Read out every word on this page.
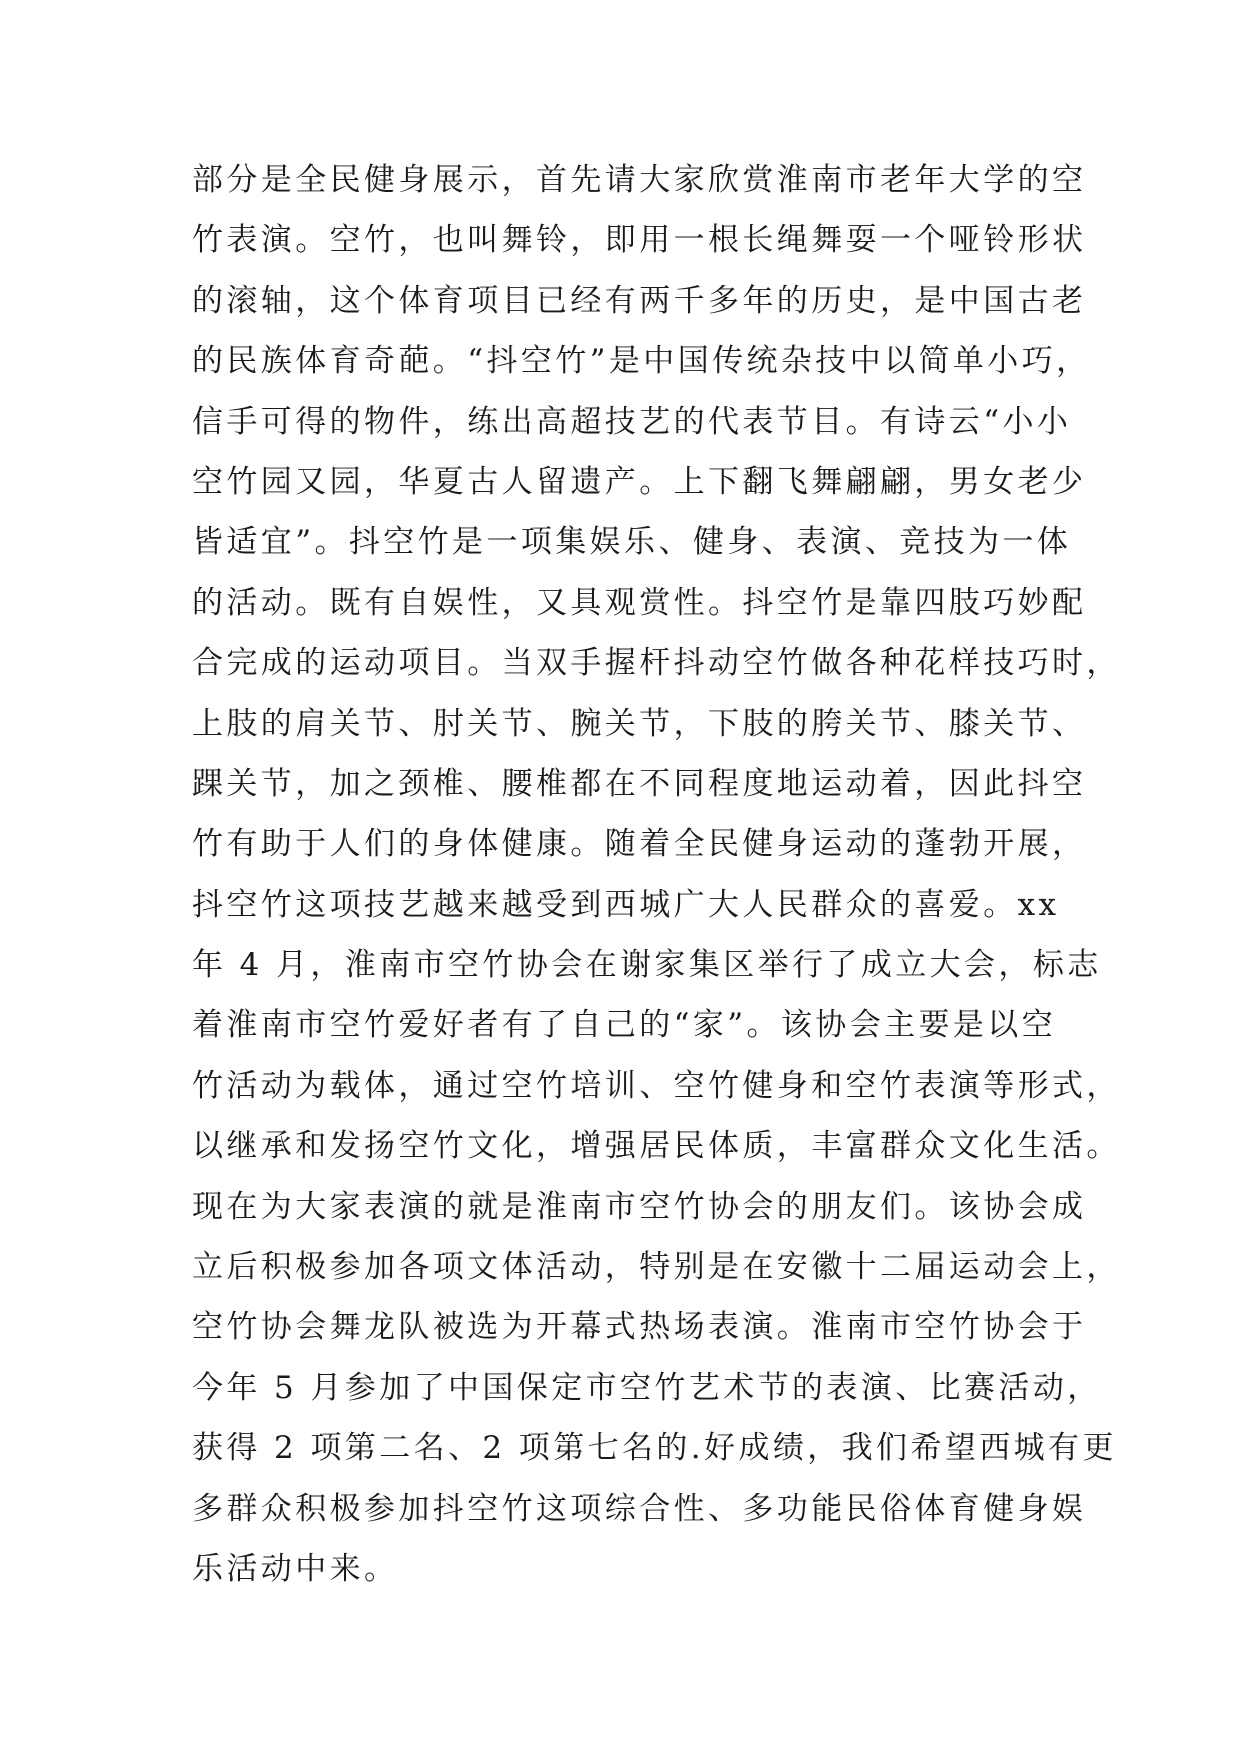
部分是全民健身展示，首先请大家欣赏淮南市老年大学的空
竹表演。空竹，也叫舞铃，即用一根长绳舞耍一个哑铃形状
的滚轴，这个体育项目已经有两千多年的历史，是中国古老
的民族体育奇葩。“抖空竹”是中国传统杂技中以简单小巧，
信手可得的物件，练出高超技艺的代表节目。有诗云“小小
空竹园又园，华夏古人留遗产。上下翻飞舞翩翩，男女老少
皆适宜”。抖空竹是一项集娱乐、健身、表演、竞技为一体
的活动。既有自娱性，又具观赏性。抖空竹是靠四肢巧妙配
合完成的运动项目。当双手握杆抖动空竹做各种花样技巧时，
上肢的肩关节、肘关节、腕关节，下肢的胯关节、膝关节、
踝关节，加之颈椎、腰椎都在不同程度地运动着，因此抖空
竹有助于人们的身体健康。随着全民健身运动的蓬勃开展，
抖空竹这项技艺越来越受到西城广大人民群众的喜爱。xx
年 4 月，淮南市空竹协会在谢家集区举行了成立大会，标志
着淮南市空竹爱好者有了自己的“家”。该协会主要是以空
竹活动为载体，通过空竹培训、空竹健身和空竹表演等形式，
以继承和发扬空竹文化，增强居民体质，丰富群众文化生活。
现在为大家表演的就是淮南市空竹协会的朋友们。该协会成
立后积极参加各项文体活动，特别是在安徽十二届运动会上，
空竹协会舞龙队被选为开幕式热场表演。淮南市空竹协会于
今年 5 月参加了中国保定市空竹艺术节的表演、比赛活动，
获得 2 项第二名、2 项第七名的.好成绩，我们希望西城有更
多群众积极参加抖空竹这项综合性、多功能民俗体育健身娱
乐活动中来。
